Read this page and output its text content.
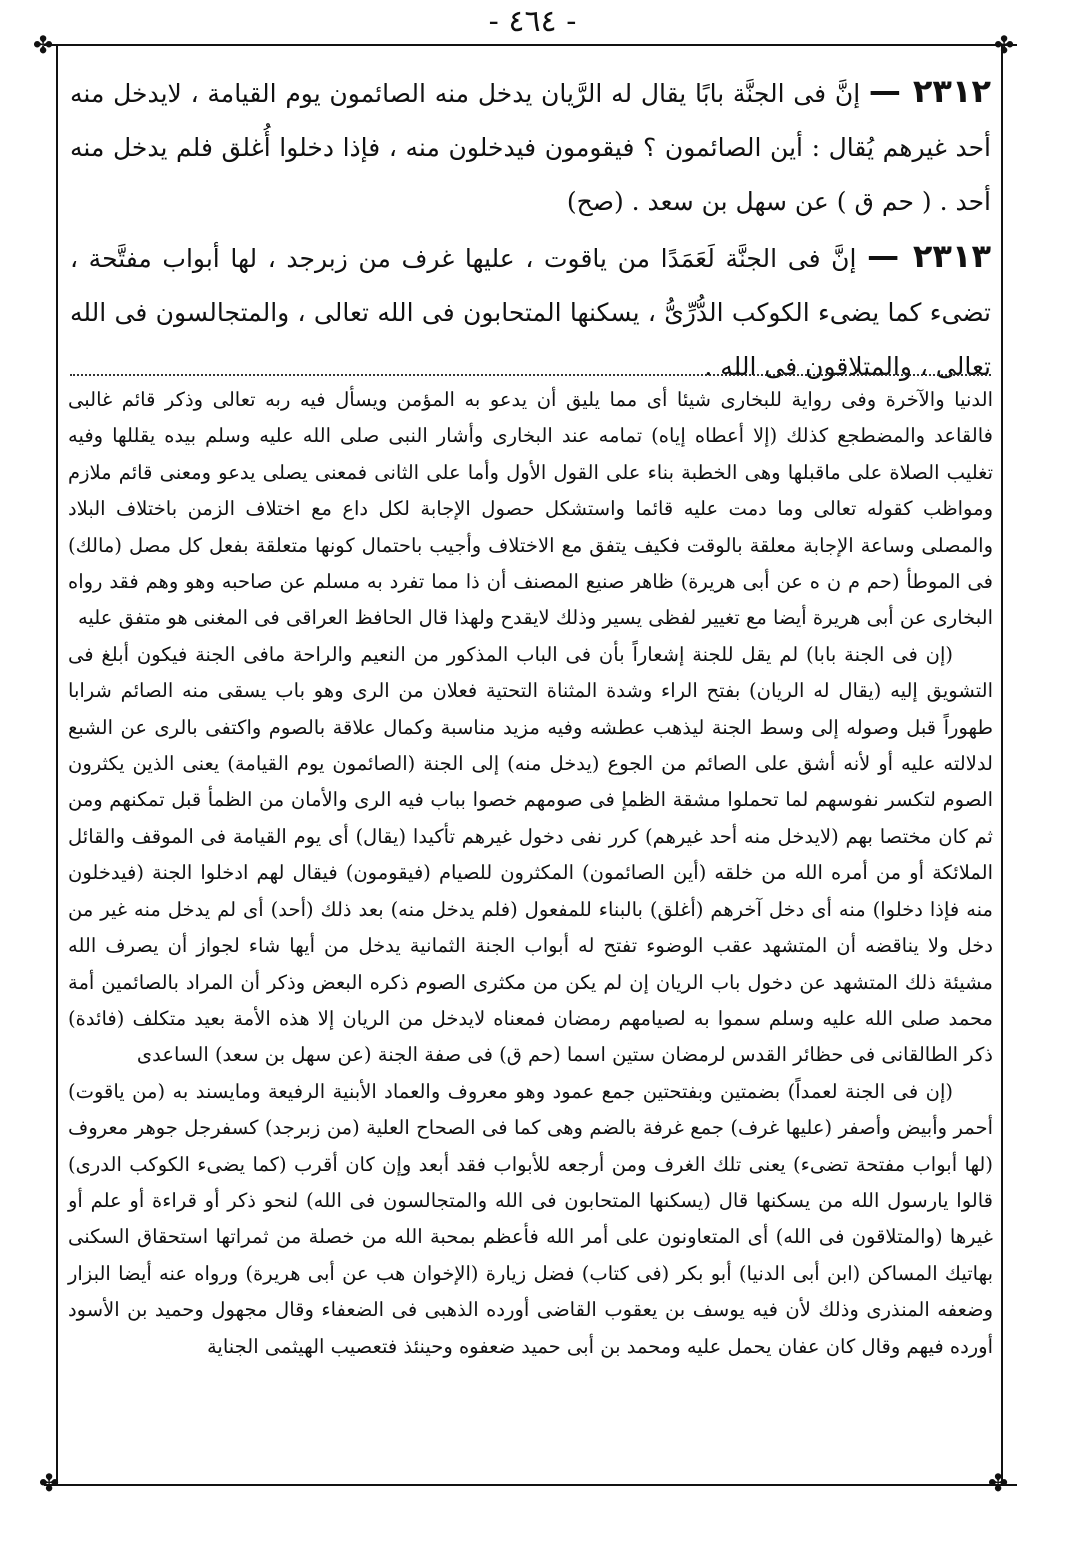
- ٤٦٤ -
✤	✤
✤	✤

٢٣١٢ — إنَّ فى الجنَّة بابًا يقال له الرَّيان يدخل منه الصائمون يوم القيامة ، لايدخل منه أحد غيرهم يُقال : أين الصائمون ؟ فيقومون فيدخلون منه ، فإذا دخلوا أُغلق فلم يدخل منه أحد . ( حم ق ) عن سهل بن سعد . (صح)

٢٣١٣ — إنَّ فى الجنَّة لَعَمَدًا من ياقوت ، عليها غرف من زبرجد ، لها أبواب مفتَّحة ، تضىء كما يضىء الكوكب الدُّرِّىُّ ، يسكنها المتحابون فى الله تعالى ، والمتجالسون فى الله تعالى ، والمتلاقون فى الله .

الدنيا والآخرة وفى رواية للبخارى شيئا أى مما يليق أن يدعو به المؤمن ويسأل فيه ربه تعالى وذكر قائم غالبى فالقاعد والمضطجع كذلك (إلا أعطاه إياه) تمامه عند البخارى وأشار النبى صلى الله عليه وسلم بيده يقللها وفيه تغليب الصلاة على ماقبلها وهى الخطبة بناء على القول الأول وأما على الثانى فمعنى يصلى يدعو ومعنى قائم ملازم ومواظب كقوله تعالى وما دمت عليه قائما واستشكل حصول الإجابة لكل داع مع اختلاف الزمن باختلاف البلاد والمصلى وساعة الإجابة معلقة بالوقت فكيف يتفق مع الاختلاف وأجيب باحتمال كونها متعلقة بفعل كل مصل (مالك) فى الموطأ (حم م ن ه عن أبى هريرة) ظاهر صنيع المصنف أن ذا مما تفرد به مسلم عن صاحبه وهو وهم فقد رواه البخارى عن أبى هريرة أيضا مع تغيير لفظى يسير وذلك لايقدح ولهذا قال الحافظ العراقى فى المغنى هو متفق عليه

(إن فى الجنة بابا) لم يقل للجنة إشعاراً بأن فى الباب المذكور من النعيم والراحة مافى الجنة فيكون أبلغ فى التشويق إليه (يقال له الريان) بفتح الراء وشدة المثناة التحتية فعلان من الرى وهو باب يسقى منه الصائم شرابا طهوراً قبل وصوله إلى وسط الجنة ليذهب عطشه وفيه مزيد مناسبة وكمال علاقة بالصوم واكتفى بالرى عن الشبع لدلالته عليه أو لأنه أشق على الصائم من الجوع (يدخل منه) إلى الجنة (الصائمون يوم القيامة) يعنى الذين يكثرون الصوم لتكسر نفوسهم لما تحملوا مشقة الظمإ فى صومهم خصوا بباب فيه الرى والأمان من الظمأ قبل تمكنهم ومن ثم كان مختصا بهم (لايدخل منه أحد غيرهم) كرر نفى دخول غيرهم تأكيدا (يقال) أى يوم القيامة فى الموقف والقائل الملائكة أو من أمره الله من خلقه (أين الصائمون) المكثرون للصيام (فيقومون) فيقال لهم ادخلوا الجنة (فيدخلون منه فإذا دخلوا) منه أى دخل آخرهم (أغلق) بالبناء للمفعول (فلم يدخل منه) بعد ذلك (أحد) أى لم يدخل منه غير من دخل ولا يناقضه أن المتشهد عقب الوضوء تفتح له أبواب الجنة الثمانية يدخل من أيها شاء لجواز أن يصرف الله مشيئة ذلك المتشهد عن دخول باب الريان إن لم يكن من مكثرى الصوم ذكره البعض وذكر أن المراد بالصائمين أمة محمد صلى الله عليه وسلم سموا به لصيامهم رمضان فمعناه لايدخل من الريان إلا هذه الأمة بعيد متكلف (فائدة) ذكر الطالقانى فى حظائر القدس لرمضان ستين اسما (حم ق) فى صفة الجنة (عن سهل بن سعد) الساعدى

(إن فى الجنة لعمداً) بضمتين وبفتحتين جمع عمود وهو معروف والعماد الأبنية الرفيعة ومايسند به (من ياقوت) أحمر وأبيض وأصفر (عليها غرف) جمع غرفة بالضم وهى كما فى الصحاح العلية (من زبرجد) كسفرجل جوهر معروف (لها أبواب مفتحة تضىء) يعنى تلك الغرف ومن أرجعه للأبواب فقد أبعد وإن كان أقرب (كما يضىء الكوكب الدرى) قالوا يارسول الله من يسكنها قال (يسكنها المتحابون فى الله والمتجالسون فى الله) لنحو ذكر أو قراءة أو علم أو غيرها (والمتلاقون فى الله) أى المتعاونون على أمر الله فأعظم بمحبة الله من خصلة من ثمراتها استحقاق السكنى بهاتيك المساكن (ابن أبى الدنيا) أبو بكر (فى كتاب) فضل زيارة (الإخوان هب عن أبى هريرة) ورواه عنه أيضا البزار وضعفه المنذرى وذلك لأن فيه يوسف بن يعقوب القاضى أورده الذهبى فى الضعفاء وقال مجهول وحميد بن الأسود أورده فيهم وقال كان عفان يحمل عليه ومحمد بن أبى حميد ضعفوه وحينئذ فتعصيب الهيثمى الجناية
